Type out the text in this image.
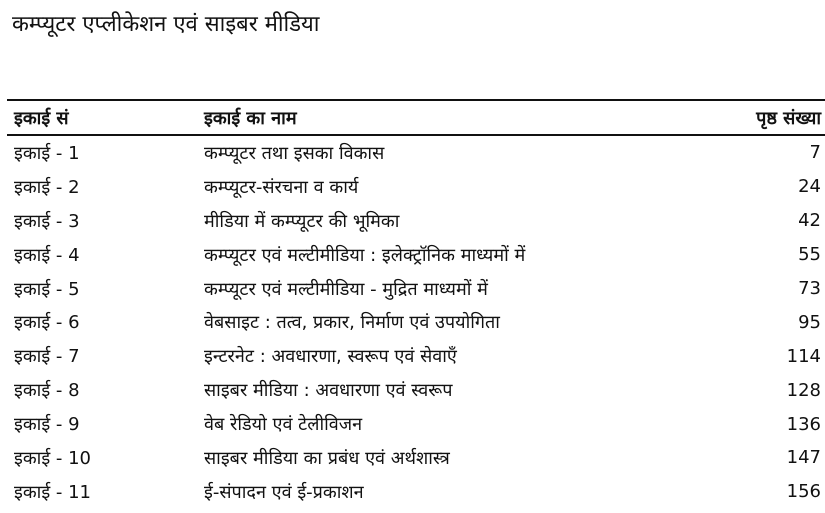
कम्प्यूटर एप्लीकेशन एवं साइबर मीडिया
इकाई सं	इकाई का नाम	पृष्ठ संख्या
इकाई - 1	कम्प्यूटर तथा इसका विकास	7
इकाई - 2	कम्प्यूटर-संरचना व कार्य	24
इकाई - 3	मीडिया में कम्प्यूटर की भूमिका	42
इकाई - 4	कम्प्यूटर एवं मल्टीमीडिया : इलेक्ट्रॉनिक माध्यमों में	55
इकाई - 5	कम्प्यूटर एवं मल्टीमीडिया - मुद्रित माध्यमों में	73
इकाई - 6	वेबसाइट : तत्व, प्रकार, निर्माण एवं उपयोगिता	95
इकाई - 7	इन्टरनेट : अवधारणा, स्वरूप एवं सेवाएँ	114
इकाई - 8	साइबर मीडिया : अवधारणा एवं स्वरूप	128
इकाई - 9	वेब रेडियो एवं टेलीविजन	136
इकाई - 10	साइबर मीडिया का प्रबंध एवं अर्थशास्त्र	147
इकाई - 11	ई-संपादन एवं ई-प्रकाशन	156
